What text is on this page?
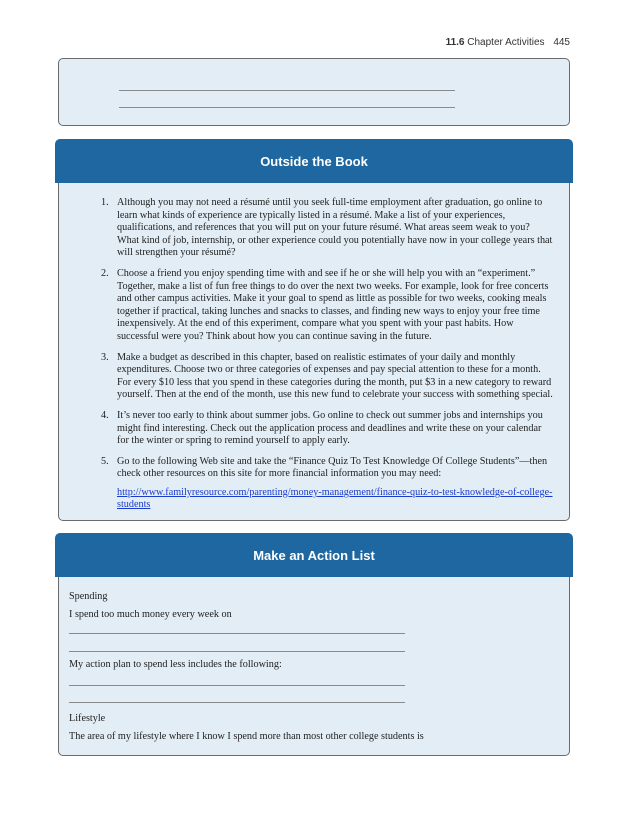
11.6 Chapter Activities 445
Outside the Book
1. Although you may not need a résumé until you seek full-time employment after graduation, go online to learn what kinds of experience are typically listed in a résumé. Make a list of your experiences, qualifications, and references that you will put on your future résumé. What areas seem weak to you? What kind of job, internship, or other experience could you potentially have now in your college years that will strengthen your résumé?
2. Choose a friend you enjoy spending time with and see if he or she will help you with an “experiment.” Together, make a list of fun free things to do over the next two weeks. For example, look for free concerts and other campus activities. Make it your goal to spend as little as possible for two weeks, cooking meals together if practical, taking lunches and snacks to classes, and finding new ways to enjoy your free time inexpensively. At the end of this experiment, compare what you spent with your past habits. How successful were you? Think about how you can continue saving in the future.
3. Make a budget as described in this chapter, based on realistic estimates of your daily and monthly expenditures. Choose two or three categories of expenses and pay special attention to these for a month. For every $10 less that you spend in these categories during the month, put $3 in a new category to reward yourself. Then at the end of the month, use this new fund to celebrate your success with something special.
4. It’s never too early to think about summer jobs. Go online to check out summer jobs and internships you might find interesting. Check out the application process and deadlines and write these on your calendar for the winter or spring to remind yourself to apply early.
5. Go to the following Web site and take the “Finance Quiz To Test Knowledge Of College Students”—then check other resources on this site for more financial information you may need:
http://www.familyresource.com/parenting/money-management/finance-quiz-to-test-knowledge-of-college-students
Make an Action List
Spending
I spend too much money every week on
My action plan to spend less includes the following:
Lifestyle
The area of my lifestyle where I know I spend more than most other college students is
